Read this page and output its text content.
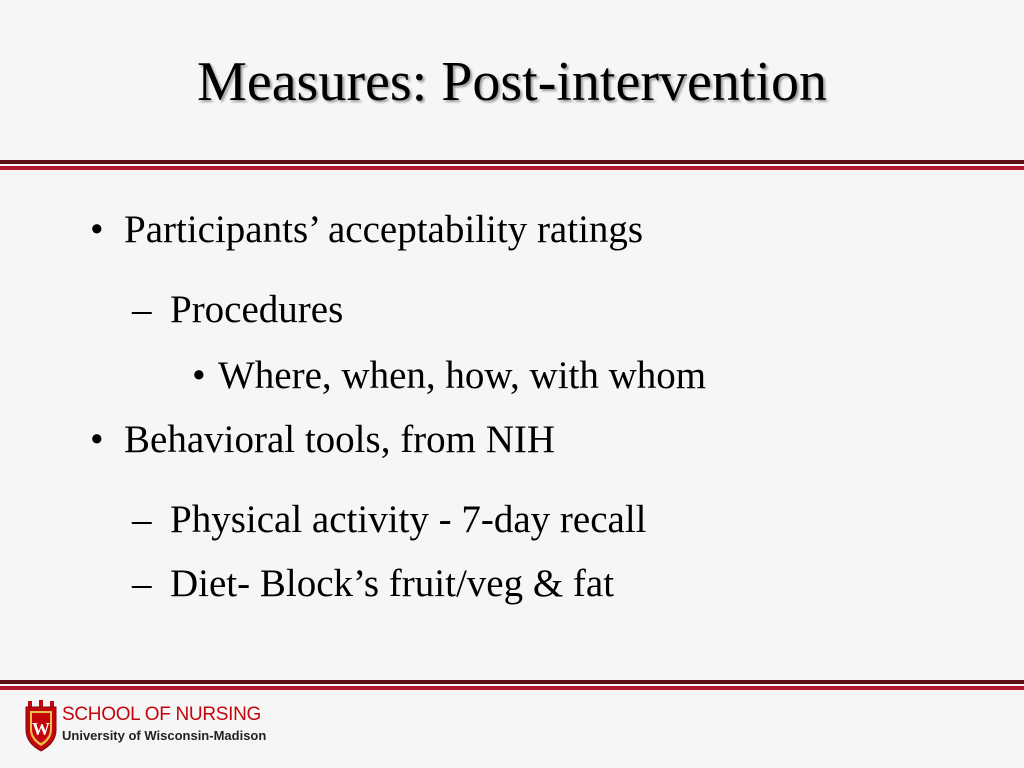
Measures: Post-intervention
• Participants’ acceptability ratings
– Procedures
• Where, when, how, with whom
• Behavioral tools, from NIH
– Physical activity - 7-day recall
– Diet- Block’s fruit/veg & fat
W
SCHOOL OF NURSING
University of Wisconsin-Madison
